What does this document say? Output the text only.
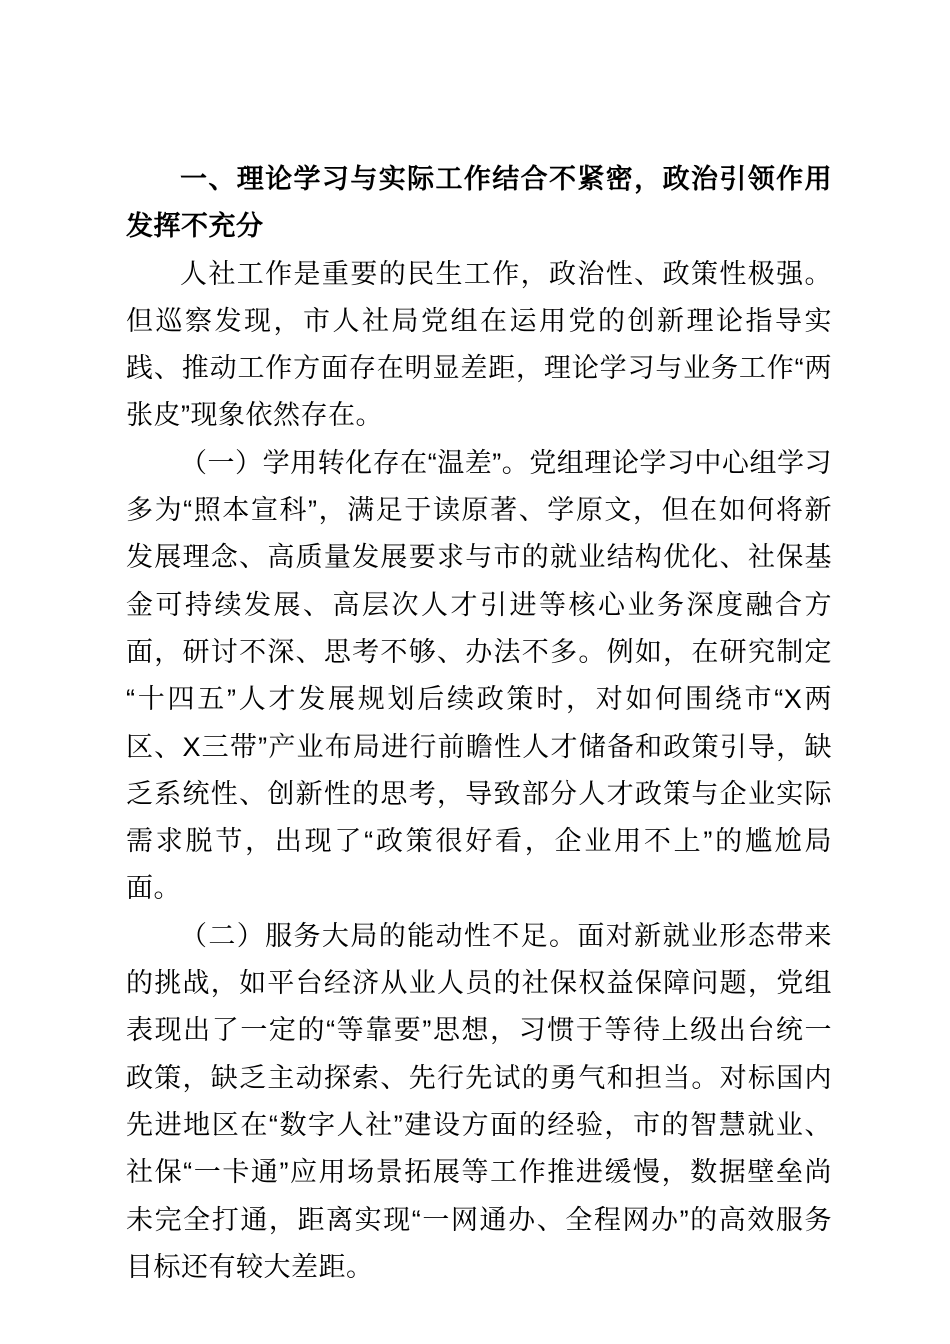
一、理论学习与实际工作结合不紧密，政治引领作用发挥不充分

人社工作是重要的民生工作，政治性、政策性极强。但巡察发现，市人社局党组在运用党的创新理论指导实践、推动工作方面存在明显差距，理论学习与业务工作“两张皮”现象依然存在。

（一）学用转化存在“温差”。党组理论学习中心组学习多为“照本宣科”，满足于读原著、学原文，但在如何将新发展理念、高质量发展要求与市的就业结构优化、社保基金可持续发展、高层次人才引进等核心业务深度融合方面，研讨不深、思考不够、办法不多。例如，在研究制定“十四五”人才发展规划后续政策时，对如何围绕市“X两区、X三带”产业布局进行前瞻性人才储备和政策引导，缺乏系统性、创新性的思考，导致部分人才政策与企业实际需求脱节，出现了“政策很好看，企业用不上”的尴尬局面。

（二）服务大局的能动性不足。面对新就业形态带来的挑战，如平台经济从业人员的社保权益保障问题，党组表现出了一定的“等靠要”思想，习惯于等待上级出台统一政策，缺乏主动探索、先行先试的勇气和担当。对标国内先进地区在“数字人社”建设方面的经验，市的智慧就业、社保“一卡通”应用场景拓展等工作推进缓慢，数据壁垒尚未完全打通，距离实现“一网通办、全程网办”的高效服务目标还有较大差距。
